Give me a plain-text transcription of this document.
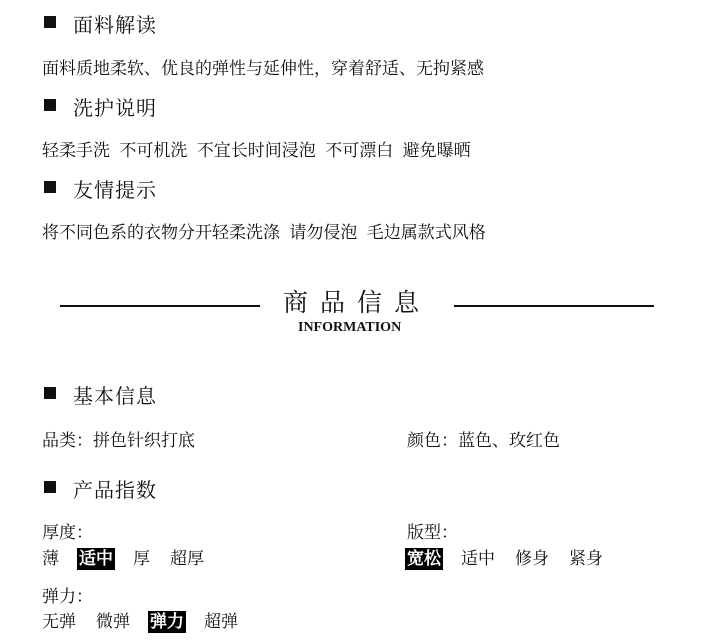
面料解读
面料质地柔软、优良的弹性与延伸性，穿着舒适、无拘紧感
洗护说明
轻柔手洗 不可机洗 不宜长时间浸泡 不可漂白 避免曝晒
友情提示
将不同色系的衣物分开轻柔洗涤 请勿侵泡 毛边属款式风格
商品信息
INFORMATION
基本信息
品类：拼色针织打底	颜色：蓝色、玫红色
产品指数
厚度：
薄 适中 厚 超厚
版型：
宽松 适中 修身 紧身
弹力：
无弹 微弹 弹力 超弹
